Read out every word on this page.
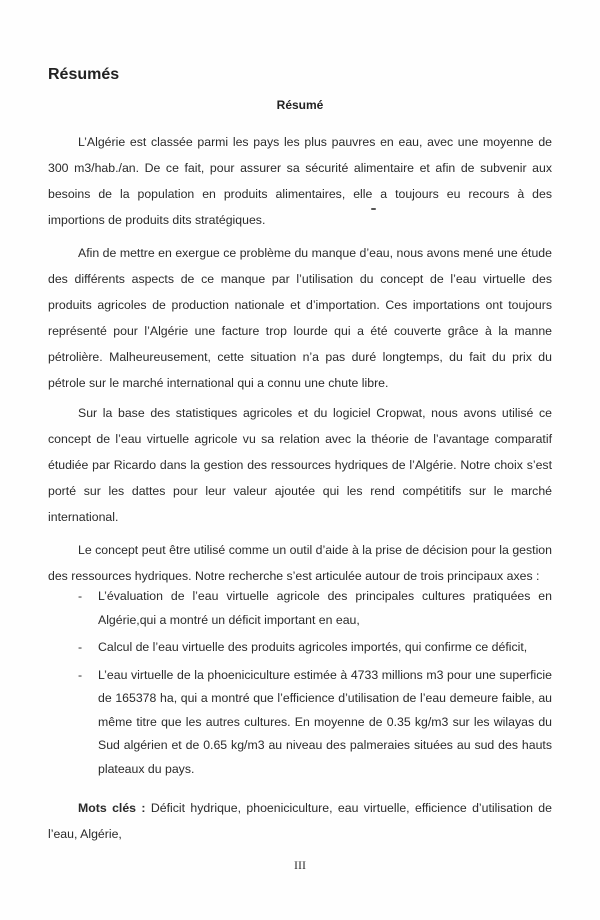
Résumés
Résumé

L’Algérie est classée parmi les pays les plus pauvres en eau, avec une moyenne de 300 m3/hab./an. De ce fait, pour assurer sa sécurité alimentaire et afin de subvenir aux besoins de la population en produits alimentaires, elle a toujours eu recours à des importions de produits dits stratégiques.

Afin de mettre en exergue ce problème du manque d’eau, nous avons mené une étude des différents aspects de ce manque par l’utilisation du concept de l’eau virtuelle des produits agricoles de production nationale et d’importation. Ces importations ont toujours représenté pour l’Algérie une facture trop lourde qui a été couverte grâce à la manne pétrolière. Malheureusement, cette situation n’a pas duré longtemps, du fait du prix du pétrole sur le marché international qui a connu une chute libre.

Sur la base des statistiques agricoles et du logiciel Cropwat, nous avons utilisé ce concept de l’eau virtuelle agricole vu sa relation avec la théorie de l’avantage comparatif étudiée par Ricardo dans la gestion des ressources hydriques de l’Algérie. Notre choix s’est porté sur les dattes pour leur valeur ajoutée qui les rend compétitifs sur le marché international.

Le concept peut être utilisé comme un outil d’aide à la prise de décision pour la gestion des ressources hydriques. Notre recherche s’est articulée autour de trois principaux axes :

- L’évaluation de l’eau virtuelle agricole des principales cultures pratiquées en Algérie,qui a montré un déficit important en eau,
- Calcul de l’eau virtuelle des produits agricoles importés, qui confirme ce déficit,
- L’eau virtuelle de la phoeniciculture estimée à 4733 millions m3 pour une superficie de 165378 ha, qui a montré que l’efficience d’utilisation de l’eau demeure faible, au même titre que les autres cultures. En moyenne de 0.35 kg/m3 sur les wilayas du Sud algérien et de 0.65 kg/m3 au niveau des palmeraies situées au sud des hauts plateaux du pays.

Mots clés : Déficit hydrique, phoeniciculture, eau virtuelle, efficience d’utilisation de l’eau, Algérie,

III
